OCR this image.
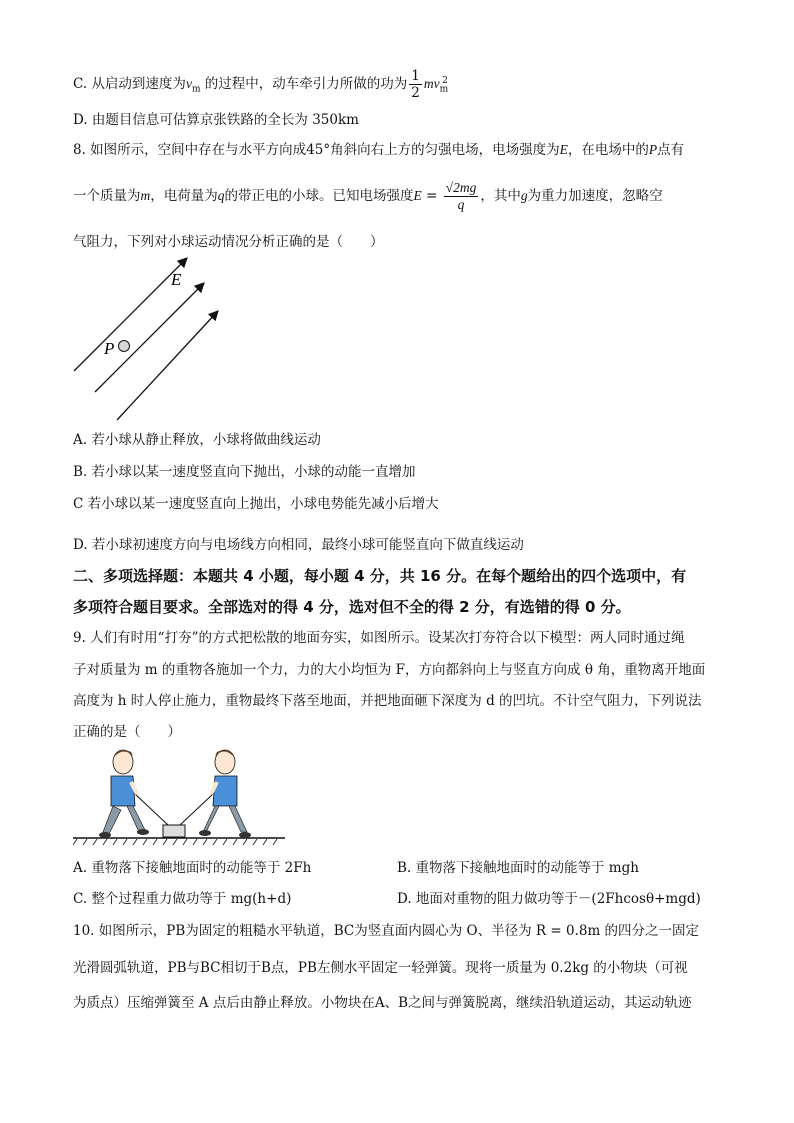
C. 从启动到速度为$v_m$ 的过程中，动车牵引力所做的功为 $\frac{1}{2} mv_m^2$
D. 由题目信息可估算京张铁路的全长为 350km
8. 如图所示，空间中存在与水平方向成45°角斜向右上方的匀强电场，电场强度为E，在电场中的P点有
一个质量为m，电荷量为q的带正电的小球。已知电场强度$E = \frac{√2mg}{q}$ ，其中g为重力加速度，忽略空
气阻力，下列对小球运动情况分析正确的是（　　）
E
P
A. 若小球从静止释放，小球将做曲线运动
B. 若小球以某一速度竖直向下抛出，小球的动能一直增加
C 若小球以某一速度竖直向上抛出，小球电势能先减小后增大
D. 若小球初速度方向与电场线方向相同，最终小球可能竖直向下做直线运动
二、多项选择题：本题共 4 小题，每小题 4 分，共 16 分。在每个题给出的四个选项中，有
多项符合题目要求。全部选对的得 4 分，选对但不全的得 2 分，有选错的得 0 分。
9. 人们有时用“打夯”的方式把松散的地面夯实，如图所示。设某次打夯符合以下模型：两人同时通过绳
子对质量为 m 的重物各施加一个力，力的大小均恒为 F，方向都斜向上与竖直方向成 θ 角，重物离开地面
高度为 h 时人停止施力，重物最终下落至地面，并把地面砸下深度为 d 的凹坑。不计空气阻力，下列说法
正确的是（　　）
A. 重物落下接触地面时的动能等于 2Fh	B. 重物落下接触地面时的动能等于 mgh
C. 整个过程重力做功等于 mg(h+d)	D. 地面对重物的阻力做功等于－(2Fhcosθ+mgd)
10. 如图所示，PB为固定的粗糙水平轨道，BC为竖直面内圆心为 O、半径为 R = 0.8m 的四分之一固定
光滑圆弧轨道，PB与BC相切于B点，PB左侧水平固定一轻弹簧。现将一质量为 0.2kg 的小物块（可视
为质点）压缩弹簧至 A 点后由静止释放。小物块在A、B之间与弹簧脱离，继续沿轨道运动，其运动轨迹
